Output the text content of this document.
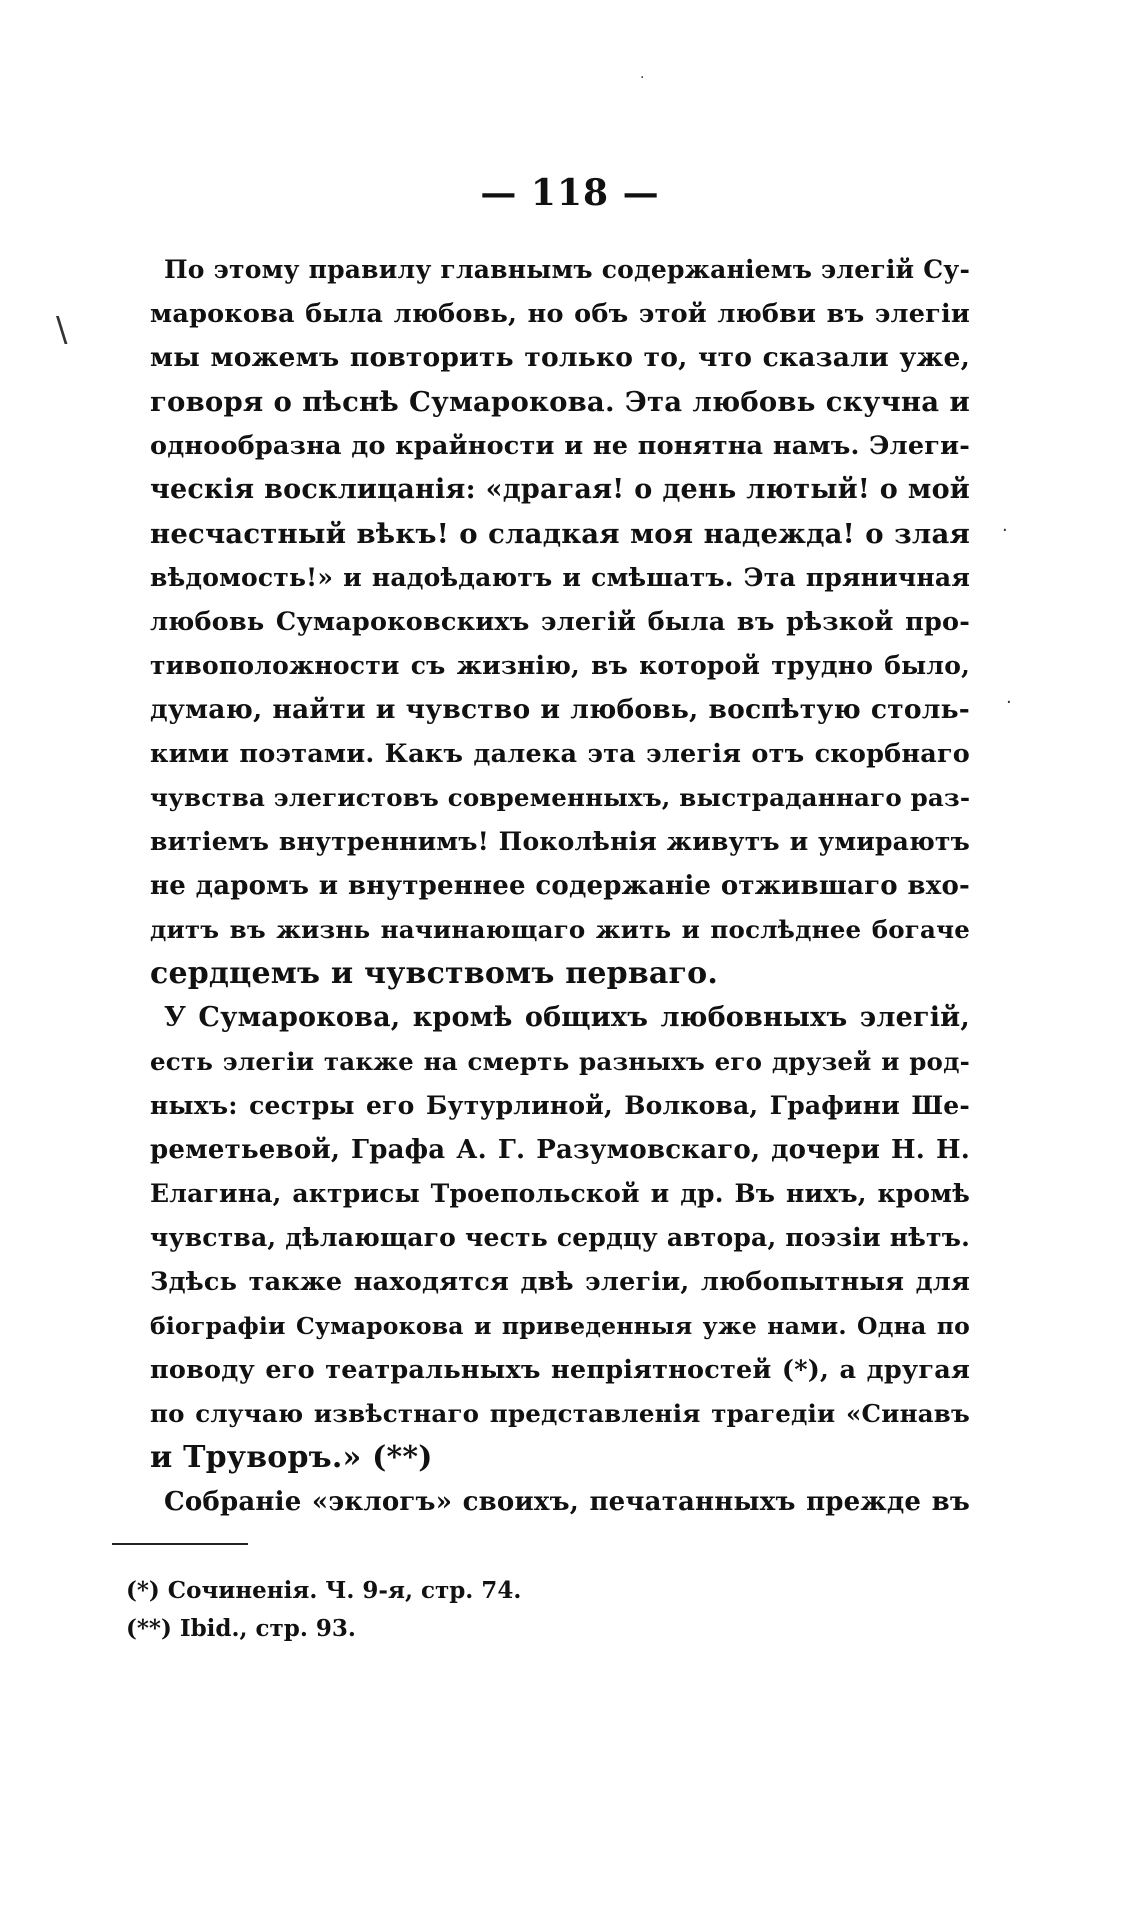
— 118 —
По этому правилу главнымъ содержаніемъ элегій Су-
марокова была любовь, но объ этой любви въ элегіи
мы можемъ повторить только то, что сказали уже,
говоря о пѣснѣ Сумарокова. Эта любовь скучна и
однообразна до крайности и не понятна намъ. Элеги-
ческія восклицанія: «драгая! о день лютый! о мой
несчастный вѣкъ! о сладкая моя надежда! о злая
вѣдомость!» и надоѣдаютъ и смѣшатъ. Эта пряничная
любовь Сумароковскихъ элегій была въ рѣзкой про-
тивоположности съ жизнію, въ которой трудно было,
думаю, найти и чувство и любовь, воспѣтую столь-
кими поэтами. Какъ далека эта элегія отъ скорбнаго
чувства элегистовъ современныхъ, выстраданнаго раз-
витіемъ внутреннимъ! Поколѣнія живутъ и умираютъ
не даромъ и внутреннее содержаніе отжившаго вхо-
дитъ въ жизнь начинающаго жить и послѣднее богаче
сердцемъ и чувствомъ перваго.
У Сумарокова, кромѣ общихъ любовныхъ элегій,
есть элегіи также на смерть разныхъ его друзей и род-
ныхъ: сестры его Бутурлиной, Волкова, Графини Ше-
реметьевой, Графа А. Г. Разумовскаго, дочери Н. Н.
Елагина, актрисы Троепольской и др. Въ нихъ, кромѣ
чувства, дѣлающаго честь сердцу автора, поэзіи нѣтъ.
Здѣсь также находятся двѣ элегіи, любопытныя для
біографіи Сумарокова и приведенныя уже нами. Одна по
поводу его театральныхъ непріятностей (*), а другая
по случаю извѣстнаго представленія трагедіи «Синавъ
и Труворъ.» (**)
Собраніе «эклогъ» своихъ, печатанныхъ прежде въ
(*) Сочиненія. Ч. 9-я, стр. 74.
(**) Ibid., стр. 93.
\
·
·
·
